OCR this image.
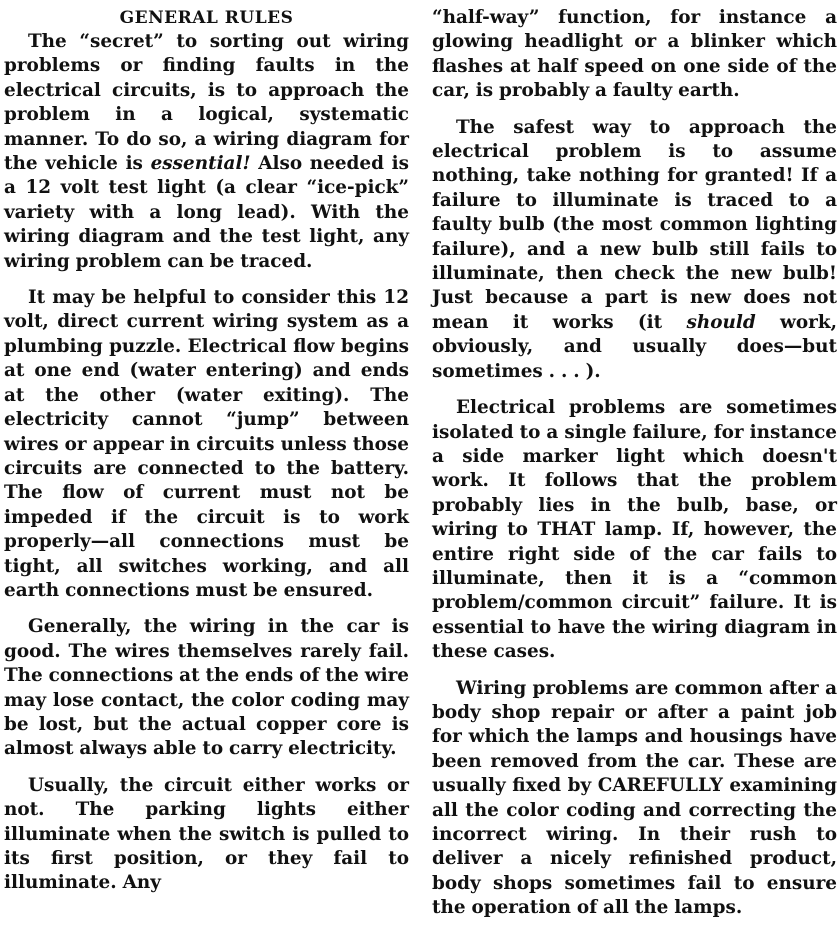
GENERAL RULES

The “secret” to sorting out wiring problems or finding faults in the electrical circuits, is to approach the problem in a logical, systematic manner. To do so, a wiring diagram for the vehicle is essential! Also needed is a 12 volt test light (a clear “ice-pick” variety with a long lead). With the wiring diagram and the test light, any wiring problem can be traced.

It may be helpful to consider this 12 volt, direct current wiring system as a plumbing puzzle. Electrical flow begins at one end (water entering) and ends at the other (water exiting). The electricity cannot “jump” between wires or appear in circuits unless those circuits are connected to the battery. The flow of current must not be impeded if the circuit is to work properly—all connections must be tight, all switches working, and all earth connections must be ensured.

Generally, the wiring in the car is good. The wires themselves rarely fail. The connections at the ends of the wire may lose contact, the color coding may be lost, but the actual copper core is almost always able to carry electricity.

Usually, the circuit either works or not. The parking lights either illuminate when the switch is pulled to its first position, or they fail to illuminate. Any

“half-way” function, for instance a glowing headlight or a blinker which flashes at half speed on one side of the car, is probably a faulty earth.

The safest way to approach the electrical problem is to assume nothing, take nothing for granted! If a failure to illuminate is traced to a faulty bulb (the most common lighting failure), and a new bulb still fails to illuminate, then check the new bulb! Just because a part is new does not mean it works (it should work, obviously, and usually does—but sometimes . . . ).

Electrical problems are sometimes isolated to a single failure, for instance a side marker light which doesn't work. It follows that the problem probably lies in the bulb, base, or wiring to THAT lamp. If, however, the entire right side of the car fails to illuminate, then it is a “common problem/common circuit” failure. It is essential to have the wiring diagram in these cases.

Wiring problems are common after a body shop repair or after a paint job for which the lamps and housings have been removed from the car. These are usually fixed by CAREFULLY examining all the color coding and correcting the incorrect wiring. In their rush to deliver a nicely refinished product, body shops sometimes fail to ensure the operation of all the lamps.
